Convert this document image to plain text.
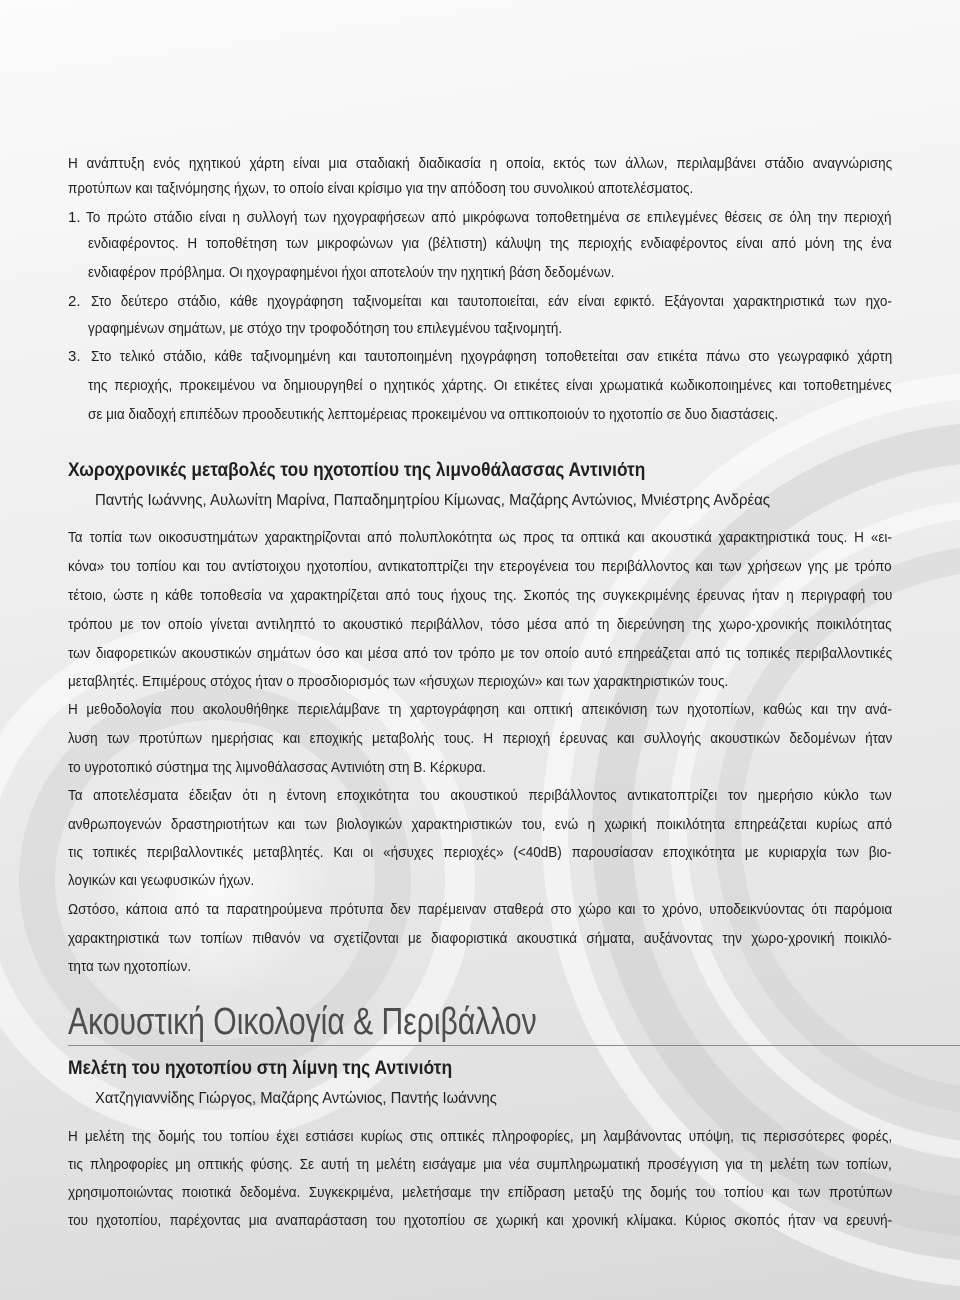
Η ανάπτυξη ενός ηχητικού χάρτη είναι μια σταδιακή διαδικασία η οποία, εκτός των άλλων, περιλαμβάνει στάδιο αναγνώρισης
προτύπων και ταξινόμησης ήχων, το οποίο είναι κρίσιμο για την απόδοση του συνολικού αποτελέσματος.
1. Το πρώτο στάδιο είναι η συλλογή των ηχογραφήσεων από μικρόφωνα τοποθετημένα σε επιλεγμένες θέσεις σε όλη την περιοχή
ενδιαφέροντος. Η τοποθέτηση των μικροφώνων για (βέλτιστη) κάλυψη της περιοχής ενδιαφέροντος είναι από μόνη της ένα
ενδιαφέρον πρόβλημα. Οι ηχογραφημένοι ήχοι αποτελούν την ηχητική βάση δεδομένων.
2. Στο δεύτερο στάδιο, κάθε ηχογράφηση ταξινομείται και ταυτοποιείται, εάν είναι εφικτό. Εξάγονται χαρακτηριστικά των ηχο-
γραφημένων σημάτων, με στόχο την τροφοδότηση του επιλεγμένου ταξινομητή.
3. Στο τελικό στάδιο, κάθε ταξινομημένη και ταυτοποιημένη ηχογράφηση τοποθετείται σαν ετικέτα πάνω στο γεωγραφικό χάρτη
της περιοχής, προκειμένου να δημιουργηθεί ο ηχητικός χάρτης. Οι ετικέτες είναι χρωματικά κωδικοποιημένες και τοποθετημένες
σε μια διαδοχή επιπέδων προοδευτικής λεπτομέρειας προκειμένου να οπτικοποιούν το ηχοτοπίο σε δυο διαστάσεις.
Χωροχρονικές μεταβολές του ηχοτοπίου της λιμνοθάλασσας Αντινιότη
Παντής Ιωάννης, Αυλωνίτη Μαρίνα, Παπαδημητρίου Κίμωνας, Μαζάρης Αντώνιος, Μνιέστρης Ανδρέας
Τα τοπία των οικοσυστημάτων χαρακτηρίζονται από πολυπλοκότητα ως προς τα οπτικά και ακουστικά χαρακτηριστικά τους. Η «ει-
κόνα» του τοπίου και του αντίστοιχου ηχοτοπίου, αντικατοπτρίζει την ετερογένεια του περιβάλλοντος και των χρήσεων γης με τρόπο
τέτοιο, ώστε η κάθε τοποθεσία να χαρακτηρίζεται από τους ήχους της. Σκοπός της συγκεκριμένης έρευνας ήταν η περιγραφή του
τρόπου με τον οποίο γίνεται αντιληπτό το ακουστικό περιβάλλον, τόσο μέσα από τη διερεύνηση της χωρο-χρονικής ποικιλότητας
των διαφορετικών ακουστικών σημάτων όσο και μέσα από τον τρόπο με τον οποίο αυτό επηρεάζεται από τις τοπικές περιβαλλοντικές
μεταβλητές. Επιμέρους στόχος ήταν ο προσδιορισμός των «ήσυχων περιοχών» και των χαρακτηριστικών τους.
Η μεθοδολογία που ακολουθήθηκε περιελάμβανε τη χαρτογράφηση και οπτική απεικόνιση των ηχοτοπίων, καθώς και την ανά-
λυση των προτύπων ημερήσιας και εποχικής μεταβολής τους. Η περιοχή έρευνας και συλλογής ακουστικών δεδομένων ήταν
το υγροτοπικό σύστημα της λιμνοθάλασσας Αντινιότη στη Β. Κέρκυρα.
Τα αποτελέσματα έδειξαν ότι η έντονη εποχικότητα του ακουστικού περιβάλλοντος αντικατοπτρίζει τον ημερήσιο κύκλο των
ανθρωπογενών δραστηριοτήτων και των βιολογικών χαρακτηριστικών του, ενώ η χωρική ποικιλότητα επηρεάζεται κυρίως από
τις τοπικές περιβαλλοντικές μεταβλητές. Και οι «ήσυχες περιοχές» (<40dB) παρουσίασαν εποχικότητα με κυριαρχία των βιο-
λογικών και γεωφυσικών ήχων.
Ωστόσο, κάποια από τα παρατηρούμενα πρότυπα δεν παρέμειναν σταθερά στο χώρο και το χρόνο, υποδεικνύοντας ότι παρόμοια
χαρακτηριστικά των τοπίων πιθανόν να σχετίζονται με διαφοριστικά ακουστικά σήματα, αυξάνοντας την χωρο-χρονική ποικιλό-
τητα των ηχοτοπίων.
Ακουστική Οικολογία & Περιβάλλον
Μελέτη του ηχοτοπίου στη λίμνη της Αντινιότη
Χατζηγιαννίδης Γιώργος, Μαζάρης Αντώνιος, Παντής Ιωάννης
Η μελέτη της δομής του τοπίου έχει εστιάσει κυρίως στις οπτικές πληροφορίες, μη λαμβάνοντας υπόψη, τις περισσότερες φορές,
τις πληροφορίες μη οπτικής φύσης. Σε αυτή τη μελέτη εισάγαμε μια νέα συμπληρωματική προσέγγιση για τη μελέτη των τοπίων,
χρησιμοποιώντας ποιοτικά δεδομένα. Συγκεκριμένα, μελετήσαμε την επίδραση μεταξύ της δομής του τοπίου και των προτύπων
του ηχοτοπίου, παρέχοντας μια αναπαράσταση του ηχοτοπίου σε χωρική και χρονική κλίμακα. Κύριος σκοπός ήταν να ερευνή-
